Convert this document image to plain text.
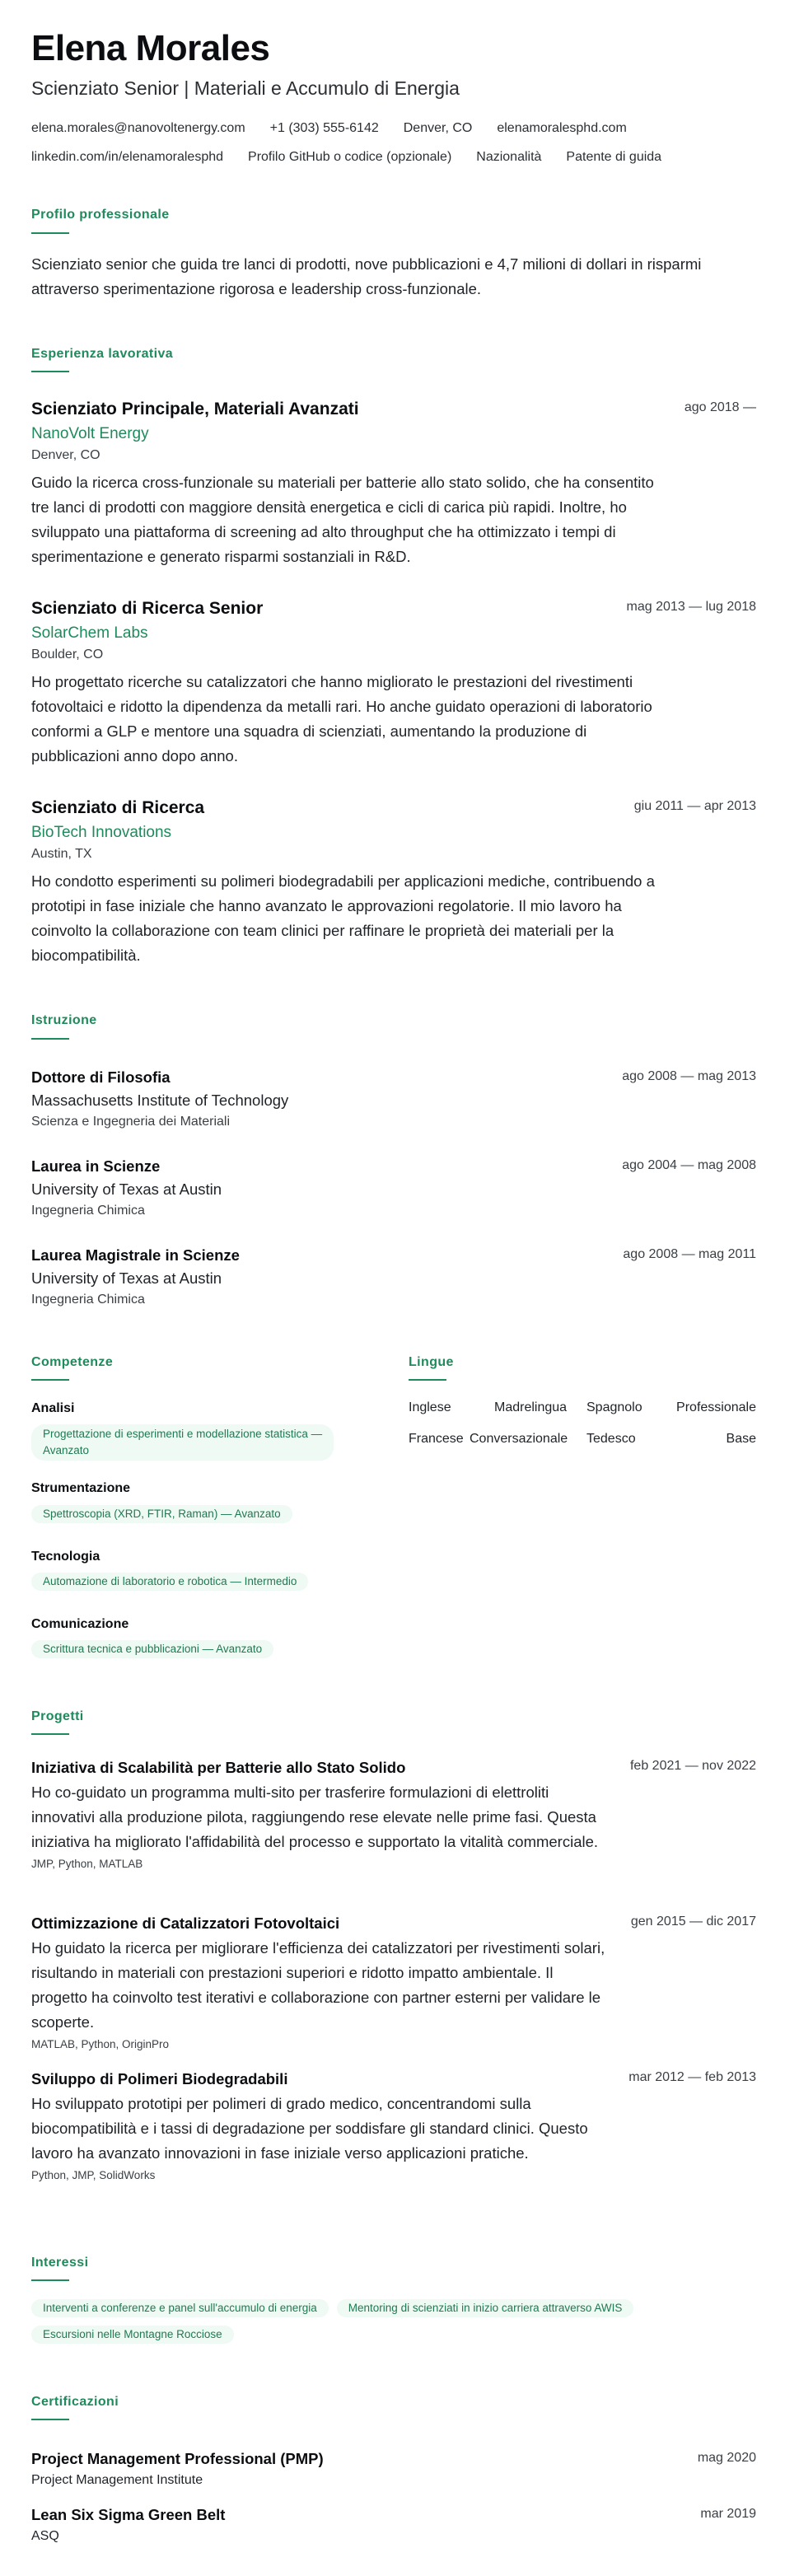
Elena Morales
Scienziato Senior | Materiali e Accumulo di Energia
elena.morales@nanovoltenergy.com +1 (303) 555-6142 Denver, CO elenamoralesphd.com
linkedin.com/in/elenamoralesphd Profilo GitHub o codice (opzionale) Nazionalità Patente di guida
Profilo professionale
Scienziato senior che guida tre lanci di prodotti, nove pubblicazioni e 4,7 milioni di dollari in risparmi attraverso sperimentazione rigorosa e leadership cross-funzionale.
Esperienza lavorativa
Scienziato Principale, Materiali Avanzati	ago 2018 —
NanoVolt Energy
Denver, CO
Guido la ricerca cross-funzionale su materiali per batterie allo stato solido, che ha consentito tre lanci di prodotti con maggiore densità energetica e cicli di carica più rapidi. Inoltre, ho sviluppato una piattaforma di screening ad alto throughput che ha ottimizzato i tempi di sperimentazione e generato risparmi sostanziali in R&D.
Scienziato di Ricerca Senior	mag 2013 — lug 2018
SolarChem Labs
Boulder, CO
Ho progettato ricerche su catalizzatori che hanno migliorato le prestazioni del rivestimenti fotovoltaici e ridotto la dipendenza da metalli rari. Ho anche guidato operazioni di laboratorio conformi a GLP e mentore una squadra di scienziati, aumentando la produzione di pubblicazioni anno dopo anno.
Scienziato di Ricerca	giu 2011 — apr 2013
BioTech Innovations
Austin, TX
Ho condotto esperimenti su polimeri biodegradabili per applicazioni mediche, contribuendo a prototipi in fase iniziale che hanno avanzato le approvazioni regolatorie. Il mio lavoro ha coinvolto la collaborazione con team clinici per raffinare le proprietà dei materiali per la biocompatibilità.
Istruzione
Dottore di Filosofia	ago 2008 — mag 2013
Massachusetts Institute of Technology
Scienza e Ingegneria dei Materiali
Laurea in Scienze	ago 2004 — mag 2008
University of Texas at Austin
Ingegneria Chimica
Laurea Magistrale in Scienze	ago 2008 — mag 2011
University of Texas at Austin
Ingegneria Chimica
Competenze
Analisi
Progettazione di esperimenti e modellazione statistica —
Avanzato
Strumentazione
Spettroscopia (XRD, FTIR, Raman) — Avanzato
Tecnologia
Automazione di laboratorio e robotica — Intermedio
Comunicazione
Scrittura tecnica e pubblicazioni — Avanzato
Lingue
Inglese	Madrelingua Spagnolo	Professionale
Francese Conversazionale Tedesco	Base
Progetti
Iniziativa di Scalabilità per Batterie allo Stato Solido	feb 2021 — nov 2022
Ho co-guidato un programma multi-sito per trasferire formulazioni di elettroliti innovativi alla produzione pilota, raggiungendo rese elevate nelle prime fasi. Questa iniziativa ha migliorato l'affidabilità del processo e supportato la vitalità commerciale.
JMP, Python, MATLAB
Ottimizzazione di Catalizzatori Fotovoltaici	gen 2015 — dic 2017
Ho guidato la ricerca per migliorare l'efficienza dei catalizzatori per rivestimenti solari, risultando in materiali con prestazioni superiori e ridotto impatto ambientale. Il progetto ha coinvolto test iterativi e collaborazione con partner esterni per validare le scoperte.
MATLAB, Python, OriginPro
Sviluppo di Polimeri Biodegradabili	mar 2012 — feb 2013
Ho sviluppato prototipi per polimeri di grado medico, concentrandomi sulla biocompatibilità e i tassi di degradazione per soddisfare gli standard clinici. Questo lavoro ha avanzato innovazioni in fase iniziale verso applicazioni pratiche.
Python, JMP, SolidWorks
Interessi
Interventi a conferenze e panel sull'accumulo di energia	Mentoring di scienziati in inizio carriera attraverso AWIS
Escursioni nelle Montagne Rocciose
Certificazioni
Project Management Professional (PMP)	mag 2020
Project Management Institute
Lean Six Sigma Green Belt	mar 2019
ASQ
